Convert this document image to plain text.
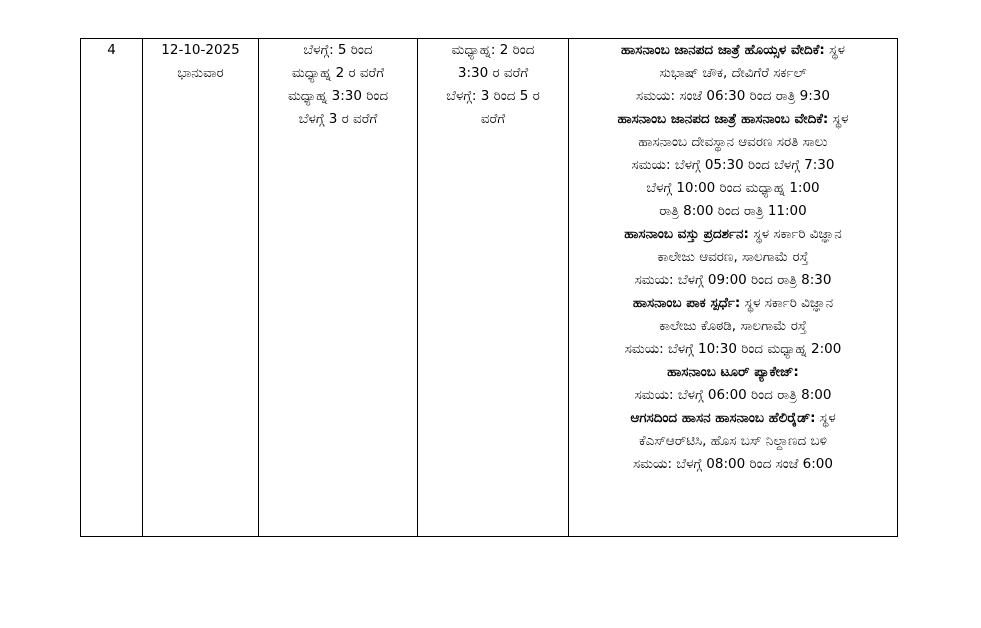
4	12-10-2025
ಭಾನುವಾರ

ಬೆಳಗ್ಗೆ: 5 ರಿಂದ
ಮಧ್ಯಾಹ್ನ 2 ರ ವರೆಗೆ
ಮಧ್ಯಾಹ್ನ 3:30 ರಿಂದ
ಬೆಳಗ್ಗೆ 3 ರ ವರೆಗೆ

ಮಧ್ಯಾಹ್ನ: 2 ರಿಂದ
3:30 ರ ವರೆಗೆ
ಬೆಳಗ್ಗೆ: 3 ರಿಂದ 5 ರ
ವರೆಗೆ

ಹಾಸನಾಂಬ ಜಾನಪದ ಜಾತ್ರೆ ಹೊಯ್ಸಳ ವೇದಿಕೆ: ಸ್ಥಳ
ಸುಭಾಷ್ ಚೌಕ, ದೇವಿಗೆರೆ ಸರ್ಕಲ್
ಸಮಯ: ಸಂಜೆ 06:30 ರಿಂದ ರಾತ್ರಿ 9:30
ಹಾಸನಾಂಬ ಜಾನಪದ ಜಾತ್ರೆ ಹಾಸನಾಂಬ ವೇದಿಕೆ: ಸ್ಥಳ
ಹಾಸನಾಂಬ ದೇವಸ್ಥಾನ ಆವರಣ ಸರತಿ ಸಾಲು
ಸಮಯ: ಬೆಳಗ್ಗೆ 05:30 ರಿಂದ ಬೆಳಗ್ಗೆ 7:30
ಬೆಳಗ್ಗೆ 10:00 ರಿಂದ ಮಧ್ಯಾಹ್ನ 1:00
ರಾತ್ರಿ 8:00 ರಿಂದ ರಾತ್ರಿ 11:00
ಹಾಸನಾಂಬ ವಸ್ತು ಪ್ರದರ್ಶನ: ಸ್ಥಳ ಸರ್ಕಾರಿ ವಿಜ್ಞಾನ
ಕಾಲೇಜು ಆವರಣ, ಸಾಲಗಾಮೆ ರಸ್ತೆ
ಸಮಯ: ಬೆಳಗ್ಗೆ 09:00 ರಿಂದ ರಾತ್ರಿ 8:30
ಹಾಸನಾಂಬ ಪಾಕ ಸ್ಪರ್ಧೆ: ಸ್ಥಳ ಸರ್ಕಾರಿ ವಿಜ್ಞಾನ
ಕಾಲೇಜು ಕೊಠಡಿ, ಸಾಲಗಾಮೆ ರಸ್ತೆ
ಸಮಯ: ಬೆಳಗ್ಗೆ 10:30 ರಿಂದ ಮಧ್ಯಾಹ್ನ 2:00
ಹಾಸನಾಂಬ ಟೂರ್ ಪ್ಯಾಕೇಜ್:
ಸಮಯ: ಬೆಳಗ್ಗೆ 06:00 ರಿಂದ ರಾತ್ರಿ 8:00
ಆಗಸದಿಂದ ಹಾಸನ ಹಾಸನಾಂಬ ಹೆಲಿರೈಡ್: ಸ್ಥಳ
ಕೆಎಸ್ಆರ್‌ಟಿಸಿ, ಹೊಸ ಬಸ್ ನಿಲ್ದಾಣದ ಬಳಿ
ಸಮಯ: ಬೆಳಗ್ಗೆ 08:00 ರಿಂದ ಸಂಜೆ 6:00
